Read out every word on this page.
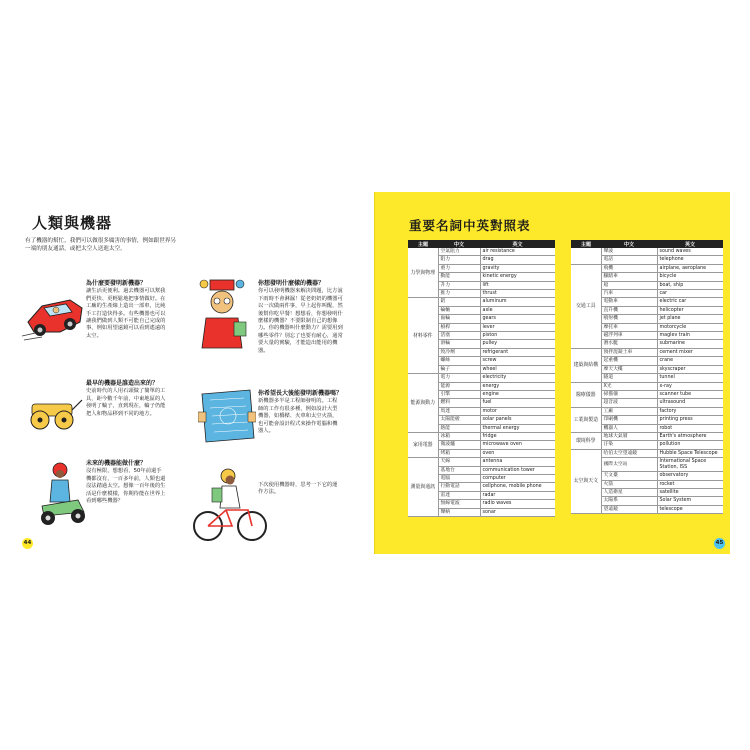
人類與機器
有了機器的幫忙，我們可以做很多厲害的事情，例如跟世界另一端的朋友通話，或把太空人送進太空。
為什麼要發明新機器？
讓生活更便利。過去機器可以幫我們更快、更輕鬆地把事情做好。在工廠的生產線上造出一部車，比純手工打造快得多。有些機器也可以讓我們做到人類不可能自己完成的事，例如用望遠鏡可以看到遙遠的太空。
你想發明什麼樣的機器？
你可以發明機器來解決問題，比方說下雨時不會淋濕！從老奶奶的機器可以一次做兩件事，早上起你叫醒，然後幫你吃早餐！想想看，你想發明什麼樣的機器？不要限制自己的想像力。你的機器叫什麼動力？需要用到哪些零件？別忘了也要有耐心，通常要大量的實驗，才能造出能用的機器。
最早的機器是誰造出來的？
史前時代的人用石頭做了簡單的工具，距今數千年前，中東地區的人發明了輪子，直到現在，輪子仍能把人和物品移到不同的地方。
你希望長大後能發明新機器嗎？
新機器多半是工程師發明的。工程師的工作有很多種，例如設計大型機器，如橋樑、火車和太空火箭，也可能會設計程式來操作電腦和機器人。
未來的機器能做什麼？
沒有極限，想想看，50年前還手機都沒有，一百多年前，人類也還沒法踏過太空。想像一百年後的生活是什麼模樣，你期待能在世界上看到哪些機器？
下次使用機器時，思考一下它的運作方法。
44
重要名詞中英對照表
主題	中文	英文
力學與物理	空氣阻力	air resistance
	阻力	drag
	重力	gravity
	動能	kinetic energy
	升力	lift
	推力	thrust
材料零件	鋁	aluminum
	輪軸	axle
	齒輪	gears
	槓桿	lever
	活塞	piston
	滑輪	pulley
	致冷劑	refrigerant
	螺絲	screw
	輪子	wheel
能源與動力	電力	electricity
	能源	energy
	引擎	engine
	燃料	fuel
	馬達	motor
	太陽能板	solar panels
	熱能	thermal energy
家用電器	冰箱	fridge
	微波爐	microwave oven
	烤箱	oven
測量與通訊	天線	antenna
	基地台	communication tower
	電腦	computer
	行動電話	cellphone, mobile phone
	雷達	radar
	無線電波	radio waves
	聲納	sonar
主題	中文	英文
	聲波	sound waves
	電話	telephone
交通工具	飛機	airplane, aeroplane
	腳踏車	bicycle
	船	boat, ship
	汽車	car
	電動車	electric car
	直升機	helicopter
	噴射機	jet plane
	摩托車	motorcycle
	磁浮列車	maglev train
	潛水艇	submarine
建築與結構	預拌混凝土車	cement mixer
	起重機	crane
	摩天大樓	skyscraper
	隧道	tunnel
醫療儀器	X光	x-ray
	掃描儀	scanner tube
	超音波	ultrasound
工業與製造	工廠	factory
	印刷機	printing press
	機器人	robot
環境科學	地球大氣層	Earth's atmosphere
	汙染	pollution
太空與天文	哈伯太空望遠鏡	Hubble Space Telescope
	國際太空站	International Space Station, ISS
	天文臺	observatory
	火箭	rocket
	人造衛星	satellite
	太陽系	Solar System
	望遠鏡	telescope
45
